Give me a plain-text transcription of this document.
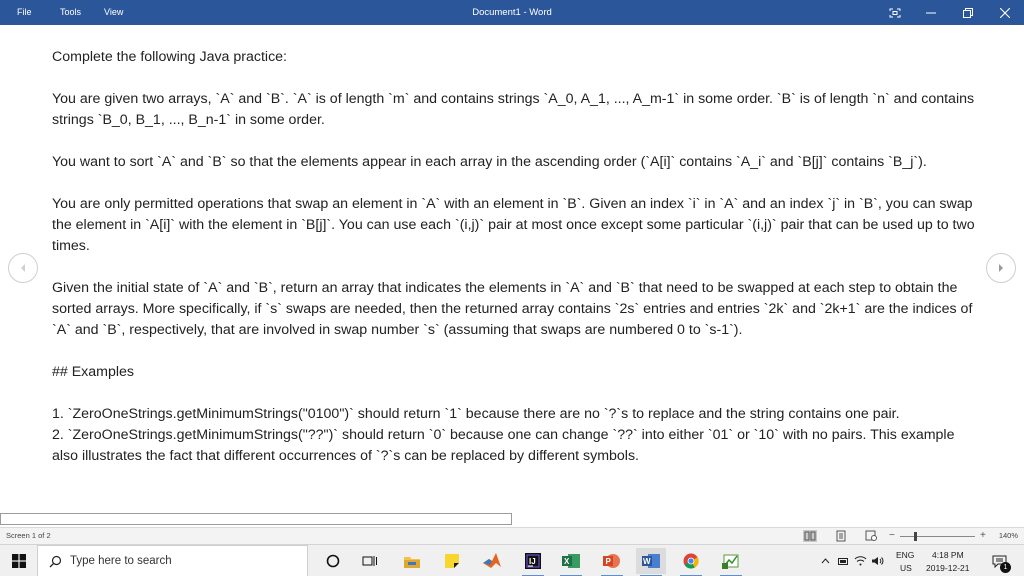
File	Tools	View	Document1 - Word

Complete the following Java practice:

You are given two arrays, `A` and `B`. `A` is of length `m` and contains strings `A_0, A_1, ..., A_m-1` in some order. `B` is of length `n` and contains strings `B_0, B_1, ..., B_n-1` in some order.

You want to sort `A` and `B` so that the elements appear in each array in the ascending order (`A[i]` contains `A_i` and `B[j]` contains `B_j`).

You are only permitted operations that swap an element in `A` with an element in `B`. Given an index `i` in `A` and an index `j` in `B`, you can swap the element in `A[i]` with the element in `B[j]`. You can use each `(i,j)` pair at most once except some particular `(i,j)` pair that can be used up to two times.

Given the initial state of `A` and `B`, return an array that indicates the elements in `A` and `B` that need to be swapped at each step to obtain the sorted arrays. More specifically, if `s` swaps are needed, then the returned array contains `2s` entries and entries `2k` and `2k+1` are the indices of `A` and `B`, respectively, that are involved in swap number `s` (assuming that swaps are numbered 0 to `s-1`).

## Examples

1. `ZeroOneStrings.getMinimumStrings("0100")` should return `1` because there are no `?`s to replace and the string contains one pair.

2. `ZeroOneStrings.getMinimumStrings("??")` should return `0` because one can change `??` into either `01` or `10` with no pairs. This example also illustrates the fact that different occurrences of `?`s can be replaced by different symbols.

Screen 1 of 2	−	+ 140%
Type here to search	IJ	X	P	W
ENG
US
4:18 PM
2019-12-21	1
